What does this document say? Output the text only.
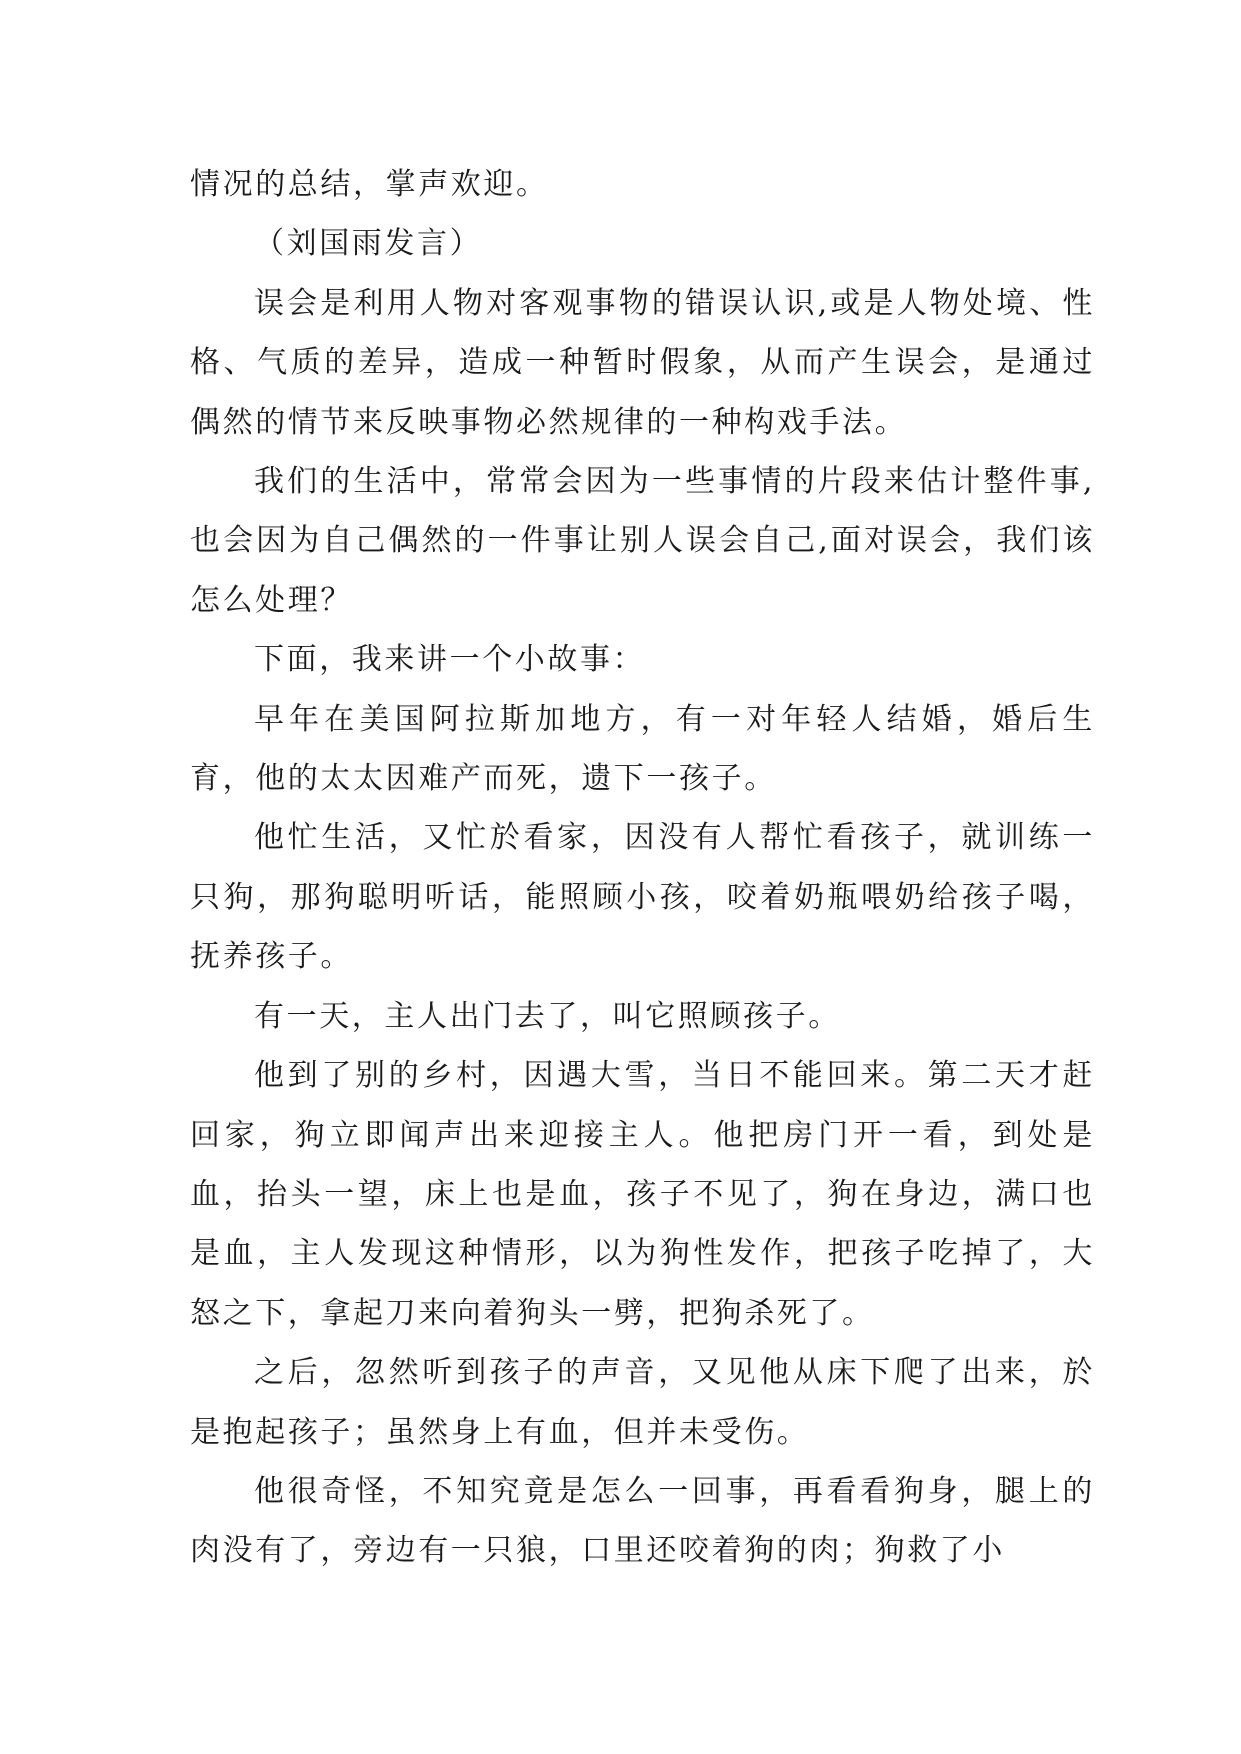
情况的总结，掌声欢迎。

（刘国雨发言）

误会是利用人物对客观事物的错误认识,或是人物处境、性格、气质的差异，造成一种暂时假象，从而产生误会，是通过偶然的情节来反映事物必然规律的一种构戏手法。

我们的生活中，常常会因为一些事情的片段来估计整件事,也会因为自己偶然的一件事让别人误会自己,面对误会，我们该怎么处理？

下面，我来讲一个小故事：

早年在美国阿拉斯加地方，有一对年轻人结婚，婚后生育，他的太太因难产而死，遗下一孩子。

他忙生活，又忙於看家，因没有人帮忙看孩子，就训练一只狗，那狗聪明听话，能照顾小孩，咬着奶瓶喂奶给孩子喝，抚养孩子。

有一天，主人出门去了，叫它照顾孩子。

他到了别的乡村，因遇大雪，当日不能回来。第二天才赶回家，狗立即闻声出来迎接主人。他把房门开一看，到处是血，抬头一望，床上也是血，孩子不见了，狗在身边，满口也是血，主人发现这种情形，以为狗性发作，把孩子吃掉了，大怒之下，拿起刀来向着狗头一劈，把狗杀死了。

之后，忽然听到孩子的声音，又见他从床下爬了出来，於是抱起孩子；虽然身上有血，但并未受伤。

他很奇怪，不知究竟是怎么一回事，再看看狗身，腿上的肉没有了，旁边有一只狼，口里还咬着狗的肉；狗救了小
